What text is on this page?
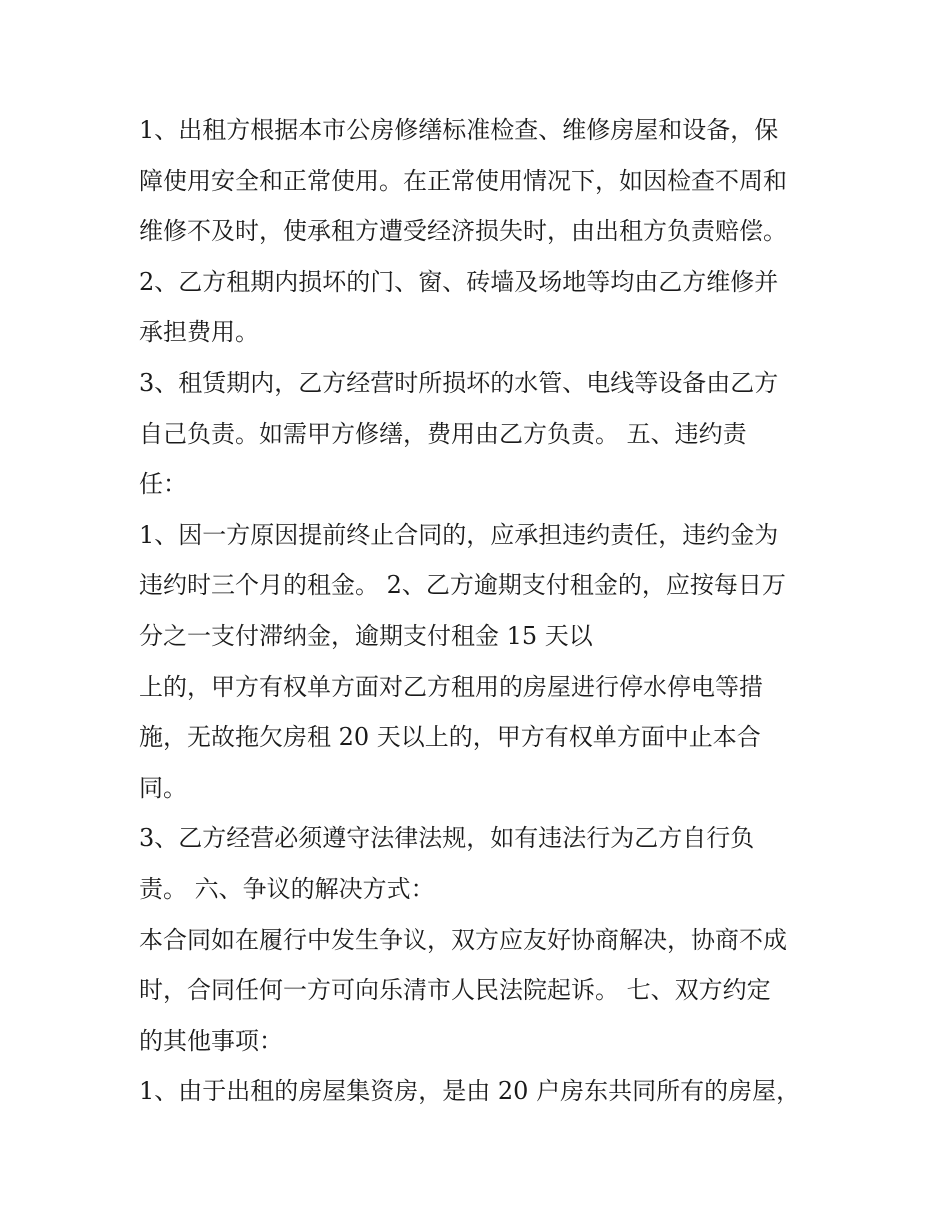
1、出租方根据本市公房修缮标准检查、维修房屋和设备，保
障使用安全和正常使用。在正常使用情况下，如因检查不周和
维修不及时，使承租方遭受经济损失时，由出租方负责赔偿。
2、乙方租期内损坏的门、窗、砖墙及场地等均由乙方维修并
承担费用。
3、租赁期内，乙方经营时所损坏的水管、电线等设备由乙方
自己负责。如需甲方修缮，费用由乙方负责。 五、违约责
任：
1、因一方原因提前终止合同的，应承担违约责任，违约金为
违约时三个月的租金。 2、乙方逾期支付租金的，应按每日万
分之一支付滞纳金，逾期支付租金 15 天以
上的，甲方有权单方面对乙方租用的房屋进行停水停电等措
施，无故拖欠房租 20 天以上的，甲方有权单方面中止本合
同。
3、乙方经营必须遵守法律法规，如有违法行为乙方自行负
责。 六、争议的解决方式：
本合同如在履行中发生争议，双方应友好协商解决，协商不成
时，合同任何一方可向乐清市人民法院起诉。 七、双方约定
的其他事项：
1、由于出租的房屋集资房，是由 20 户房东共同所有的房屋，
